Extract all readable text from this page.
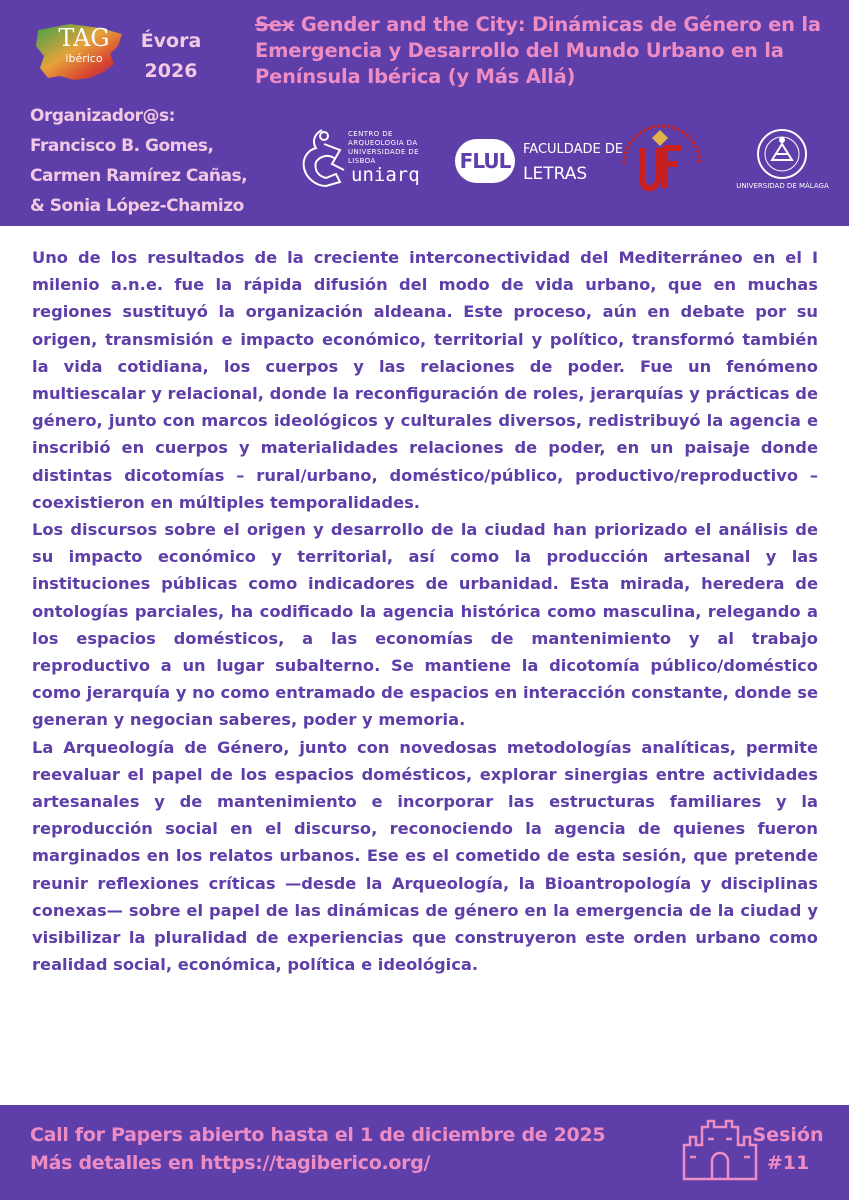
TAG
ibérico
Évora
2026
Sex Gender and the City: Dinámicas de Género en la Emergencia y Desarrollo del Mundo Urbano en la Península Ibérica (y Más Allá)
Organizador@s:
Francisco B. Gomes,
Carmen Ramírez Cañas,
& Sonia López-Chamizo
CENTRO DE ARQUEOLOGIA DA UNIVERSIDADE DE LISBOA
uniarq
FLUL FACULDADE DE
LETRAS
UNIVERSIDAD DE MÁLAGA

Uno de los resultados de la creciente interconectividad del Mediterráneo en el I milenio a.n.e. fue la rápida difusión del modo de vida urbano, que en muchas regiones sustituyó la organización aldeana. Este proceso, aún en debate por su origen, transmisión e impacto económico, territorial y político, transformó también la vida cotidiana, los cuerpos y las relaciones de poder. Fue un fenómeno multiescalar y relacional, donde la reconfiguración de roles, jerarquías y prácticas de género, junto con marcos ideológicos y culturales diversos, redistribuyó la agencia e inscribió en cuerpos y materialidades relaciones de poder, en un paisaje donde distintas dicotomías – rural/urbano, doméstico/público, productivo/reproductivo – coexistieron en múltiples temporalidades.

Los discursos sobre el origen y desarrollo de la ciudad han priorizado el análisis de su impacto económico y territorial, así como la producción artesanal y las instituciones públicas como indicadores de urbanidad. Esta mirada, heredera de ontologías parciales, ha codificado la agencia histórica como masculina, relegando a los espacios domésticos, a las economías de mantenimiento y al trabajo reproductivo a un lugar subalterno. Se mantiene la dicotomía público/doméstico como jerarquía y no como entramado de espacios en interacción constante, donde se generan y negocian saberes, poder y memoria.

La Arqueología de Género, junto con novedosas metodologías analíticas, permite reevaluar el papel de los espacios domésticos, explorar sinergias entre actividades artesanales y de mantenimiento e incorporar las estructuras familiares y la reproducción social en el discurso, reconociendo la agencia de quienes fueron marginados en los relatos urbanos. Ese es el cometido de esta sesión, que pretende reunir reflexiones críticas —desde la Arqueología, la Bioantropología y disciplinas conexas— sobre el papel de las dinámicas de género en la emergencia de la ciudad y visibilizar la pluralidad de experiencias que construyeron este orden urbano como realidad social, económica, política e ideológica.

Call for Papers abierto hasta el 1 de diciembre de 2025
Más detalles en https://tagiberico.org/
Sesión
#11
